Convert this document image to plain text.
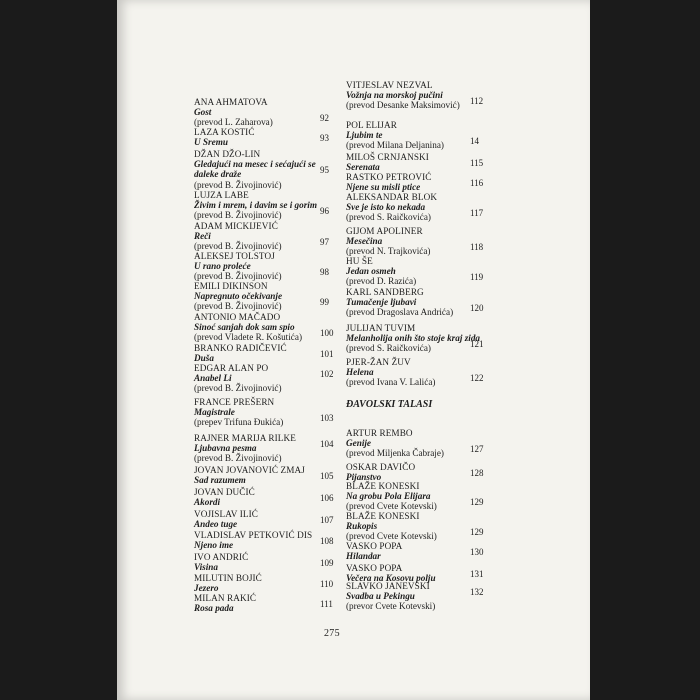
ANA AHMATOVA
Gost
(prevod L. Zaharova)	92
LAZA KOSTIĆ
U Sremu	93
DŽAN DŽO-LIN
Gledajući na mesec i sećajući se
daleke draže
(prevod B. Živojinović)
95
LUJZA LABE
Živim i mrem, i davim se i gorim
(prevod B. Živojinović)	96
ADAM MICKIJEVIĆ
Reči
(prevod B. Živojinović)	97
ALEKSEJ TOLSTOJ
U rano proleće
(prevod B. Živojinović)	98
EMILI DIKINSON
Napregnuto očekivanje
(prevod B. Živojinović)	99
ANTONIO MAČADO
Sinoć sanjah dok sam spio
(prevod Vladete R. Košutića)	100
BRANKO RADIČEVIĆ
Duša	101
EDGAR ALAN PO
Anabel Li
(prevod B. Živojinović)
102
FRANCE PREŠERN
Magistrale
(prepev Trifuna Đukića)	103
RAJNER MARIJA RILKE
Ljubavna pesma
(prevod B. Živojinović)
104
JOVAN JOVANOVIĆ ZMAJ
Sad razumem	105
JOVAN DUČIĆ
Akordi	106
VOJISLAV ILIĆ
Andeo tuge	107
VLADISLAV PETKOVIĆ DIS
Njeno ime	108
IVO ANDRIĆ
Visina	109
MILUTIN BOJIĆ
Jezero	110
MILAN RAKIĆ
Rosa pada	111
VITJESLAV NEZVAL
Vožnja na morskoj pučini
(prevod Desanke Maksimović)	112
POL ELIJAR
Ljubim te
(prevod Milana Deljanina)	14
MILOŠ CRNJANSKI
Serenata	115
RASTKO PETROVIĆ
Njene su misli ptice	116
ALEKSANDAR BLOK
Sve je isto ko nekada
(prevod S. Raičkovića)	117
GIJOM APOLINER
Mesečina
(prevod N. Trajkovića)	118
HU ŠE
Jedan osmeh
(prevod D. Razića)	119
KARL SANDBERG
Tumačenje ljubavi
(prevod Dragoslava Andrića)	120
JULIJAN TUVIM
Melanholija onih što stoje kraj zida
(prevod S. Raičkovića)	121
PJER-ŽAN ŽUV
Helena
(prevod Ivana V. Lalića)	122
ĐAVOLSKI TALASI
ARTUR REMBO
Genije
(prevod Miljenka Čabraje)	127
OSKAR DAVIČO
Pijanstvo	128
BLAŽE KONESKI
Na grobu Pola Elijara
(prevod Cvete Kotevski)	129
BLAŽE KONESKI
Rukopis
(prevod Cvete Kotevski)	129
VASKO POPA
Hilandar	130
VASKO POPA
Večera na Kosovu polju	131
SLAVKO JANEVSKI
Svadba u Pekingu
(prevor Cvete Kotevski)
132
275
